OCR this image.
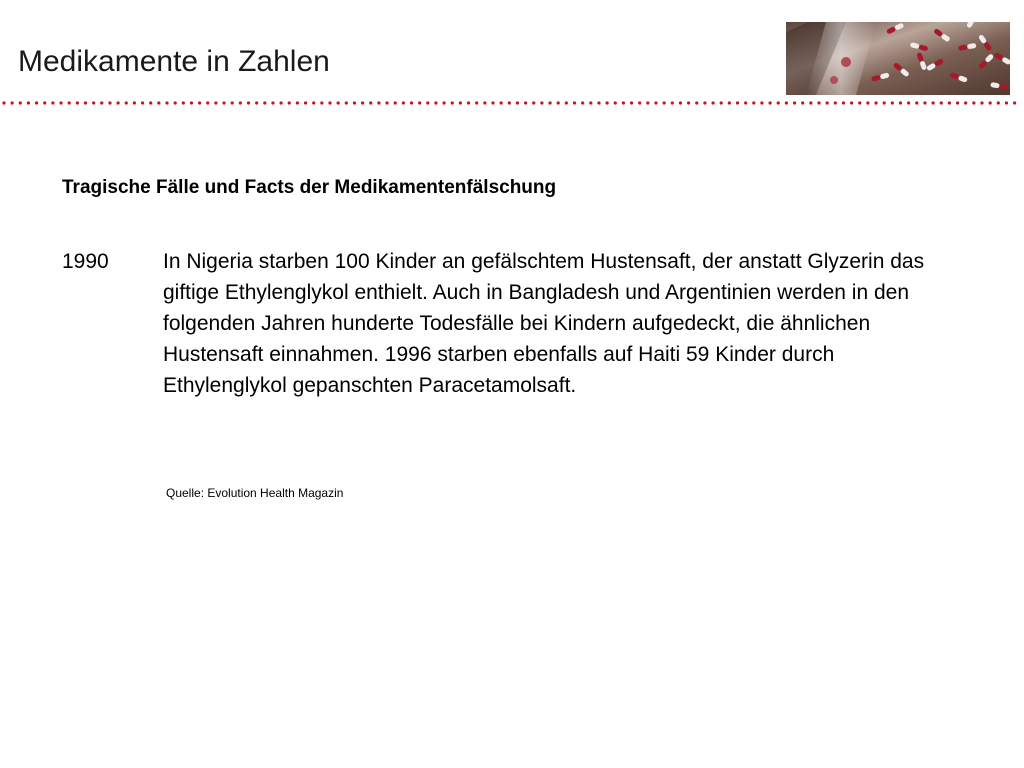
Medikamente in Zahlen
Tragische Fälle und Facts der Medikamentenfälschung
1990	In Nigeria starben 100 Kinder an gefälschtem Hustensaft, der anstatt Glyzerin das giftige Ethylenglykol enthielt. Auch in Bangladesh und Argentinien werden in den folgenden Jahren hunderte Todesfälle bei Kindern aufgedeckt, die ähnlichen Hustensaft einnahmen. 1996 starben ebenfalls auf Haiti 59 Kinder durch Ethylenglykol gepanschten Paracetamolsaft.
Quelle: Evolution Health Magazin
